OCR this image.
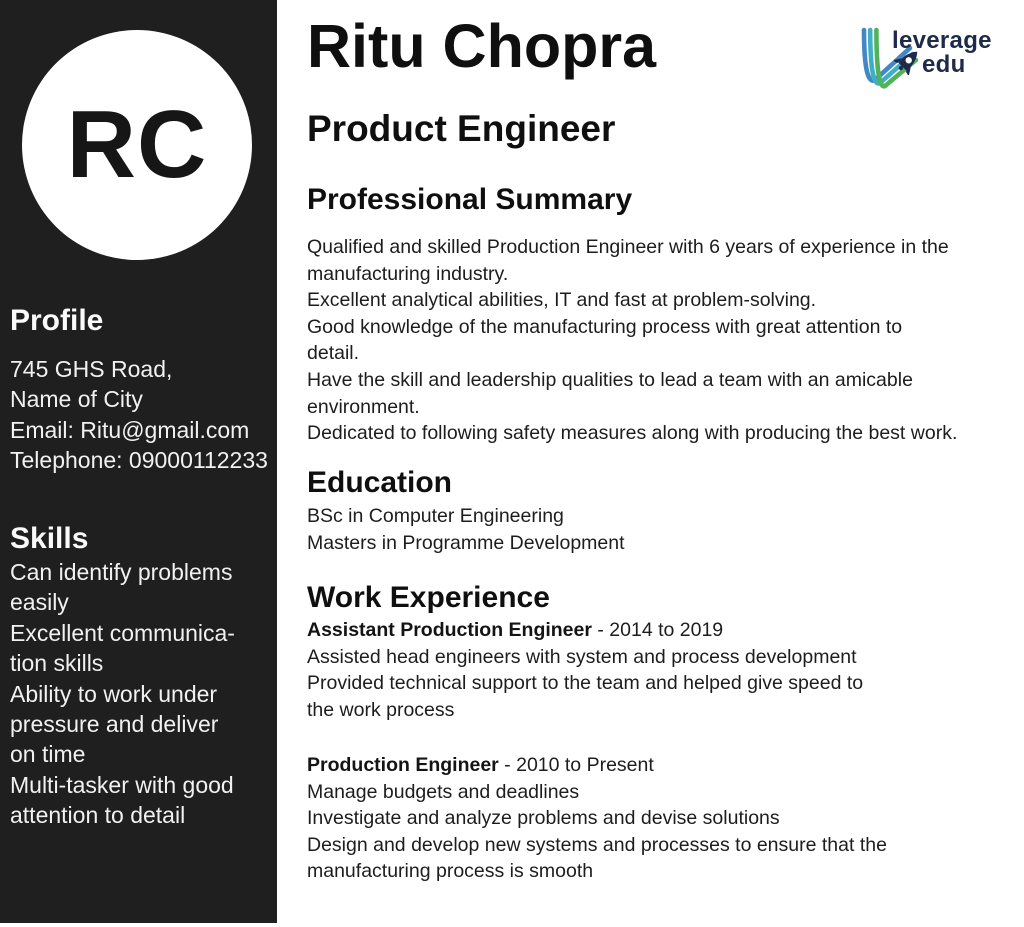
RC
Profile
745 GHS Road,
Name of City
Email: Ritu@gmail.com
Telephone: 09000112233
Skills
Can identify problems
easily
Excellent communica-
tion skills
Ability to work under
pressure and deliver
on time
Multi-tasker with good
attention to detail
Ritu Chopra
Product Engineer
Professional Summary
Qualified and skilled Production Engineer with 6 years of experience in the
manufacturing industry.
Excellent analytical abilities, IT and fast at problem-solving.
Good knowledge of the manufacturing process with great attention to
detail.
Have the skill and leadership qualities to lead a team with an amicable
environment.
Dedicated to following safety measures along with producing the best work.
Education
BSc in Computer Engineering
Masters in Programme Development
Work Experience
Assistant Production Engineer - 2014 to 2019
Assisted head engineers with system and process development
Provided technical support to the team and helped give speed to
the work process
Production Engineer - 2010 to Present
Manage budgets and deadlines
Investigate and analyze problems and devise solutions
Design and develop new systems and processes to ensure that the
manufacturing process is smooth
leverage
edu
